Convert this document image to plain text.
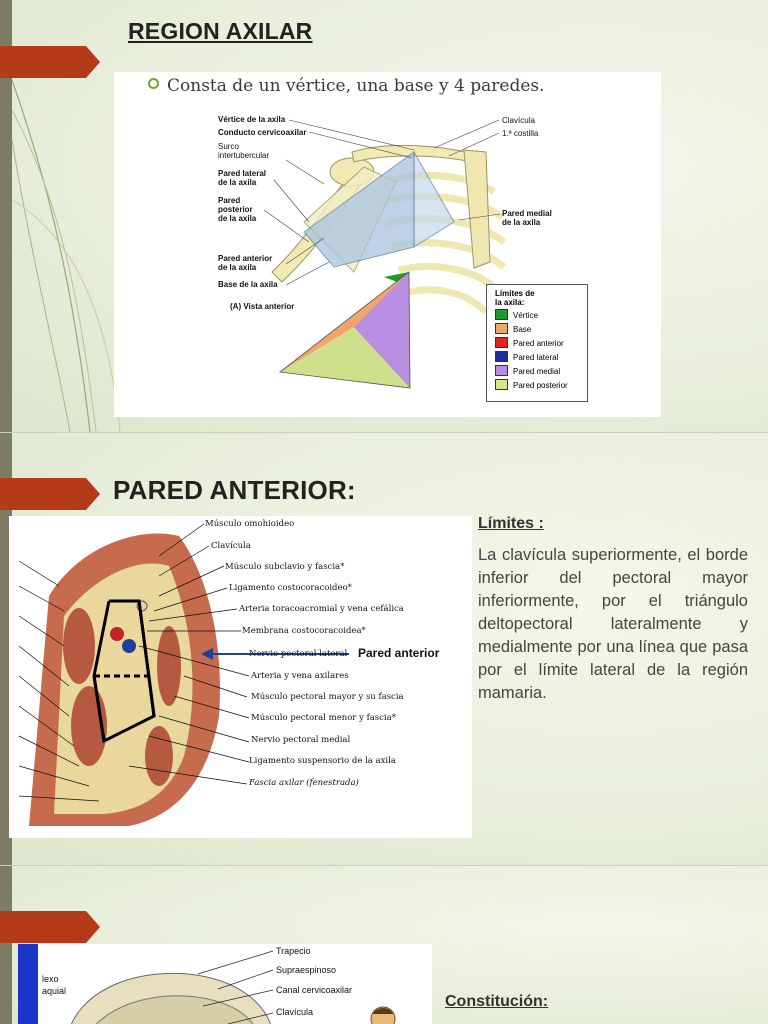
REGION AXILAR
Consta de un vértice, una base y 4 paredes.
Vértice de la axila
Conducto cervicoaxilar
Surco
intertubercular
Pared lateral
de la axila
Pared
posterior
de la axila
Pared anterior
de la axila
Base de la axila
Clavícula
1.ª costilla
Pared medial
de la axila
(A) Vista anterior
Límites de
la axila:
Vértice
Base
Pared anterior
Pared lateral
Pared medial
Pared posterior
PARED ANTERIOR:
Músculo omohioideo
Clavícula
Músculo subclavio y fascia*
Ligamento costocoracoideo*
Arteria toracoacromial y vena cefálica
Membrana costocoracoidea*
Nervio pectoral lateral
Arteria y vena axilares
Músculo pectoral mayor y su fascia
Músculo pectoral menor y fascia*
Nervio pectoral medial
Ligamento suspensorio de la axila
Fascia axilar (fenestrada)
Pared anterior
Límites :
La clavícula superiormente, el borde inferior del pectoral mayor inferiormente, por el triángulo deltopectoral lateralmente y medialmente por una línea que pasa por el límite lateral de la región mamaria.
lexo
aquial
Trapecio
Supraespinoso
Canal cervicoaxilar
Clavícula
Constitución:
